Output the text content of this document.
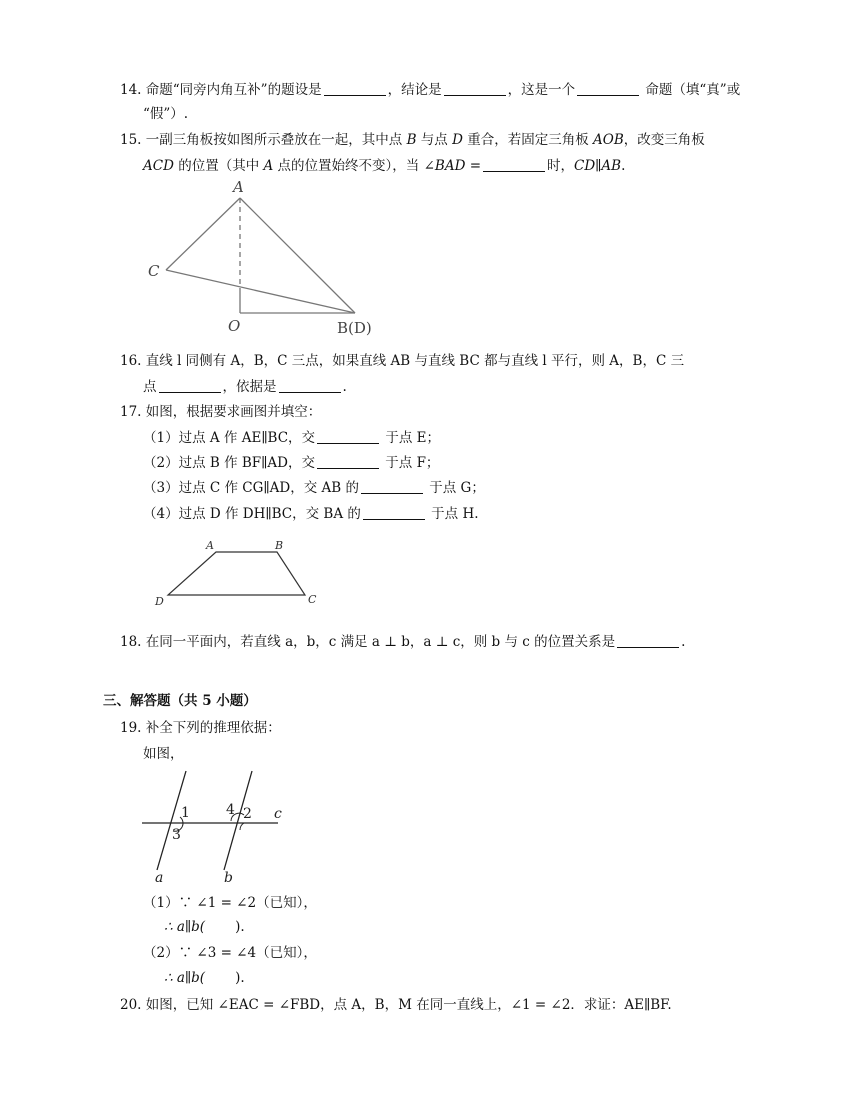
14. 命题“同旁内角互补”的题设是	，结论是	，这是一个	命题（填“真”或
“假”）.
15. 一副三角板按如图所示叠放在一起，其中点 B 与点 D 重合，若固定三角板 AOB，改变三角板
ACD 的位置（其中 A 点的位置始终不变），当 ∠BAD =	时，CD∥AB.
A
C
O	B(D)
16. 直线 l 同侧有 A，B，C 三点，如果直线 AB 与直线 BC 都与直线 l 平行，则 A，B，C 三
点	，依据是	.
17. 如图，根据要求画图并填空：
（1）过点 A 作 AE∥BC，交	于点 E；
（2）过点 B 作 BF∥AD，交	于点 F；
（3）过点 C 作 CG∥AD，交 AB 的	于点 G；
（4）过点 D 作 DH∥BC，交 BA 的	于点 H.
A	B
C
D
18. 在同一平面内，若直线 a，b，c 满足 a ⊥ b，a ⊥ c，则 b 与 c 的位置关系是	.
三、解答题（共 5 小题）
19. 补全下列的推理依据：
如图，
1
3
4 2 c
a	b
（1）∵ ∠1 = ∠2（已知），
∴ a∥b( ).
（2）∵ ∠3 = ∠4（已知），
∴ a∥b( ).
20. 如图，已知 ∠EAC = ∠FBD，点 A，B，M 在同一直线上，∠1 = ∠2．求证：AE∥BF.
